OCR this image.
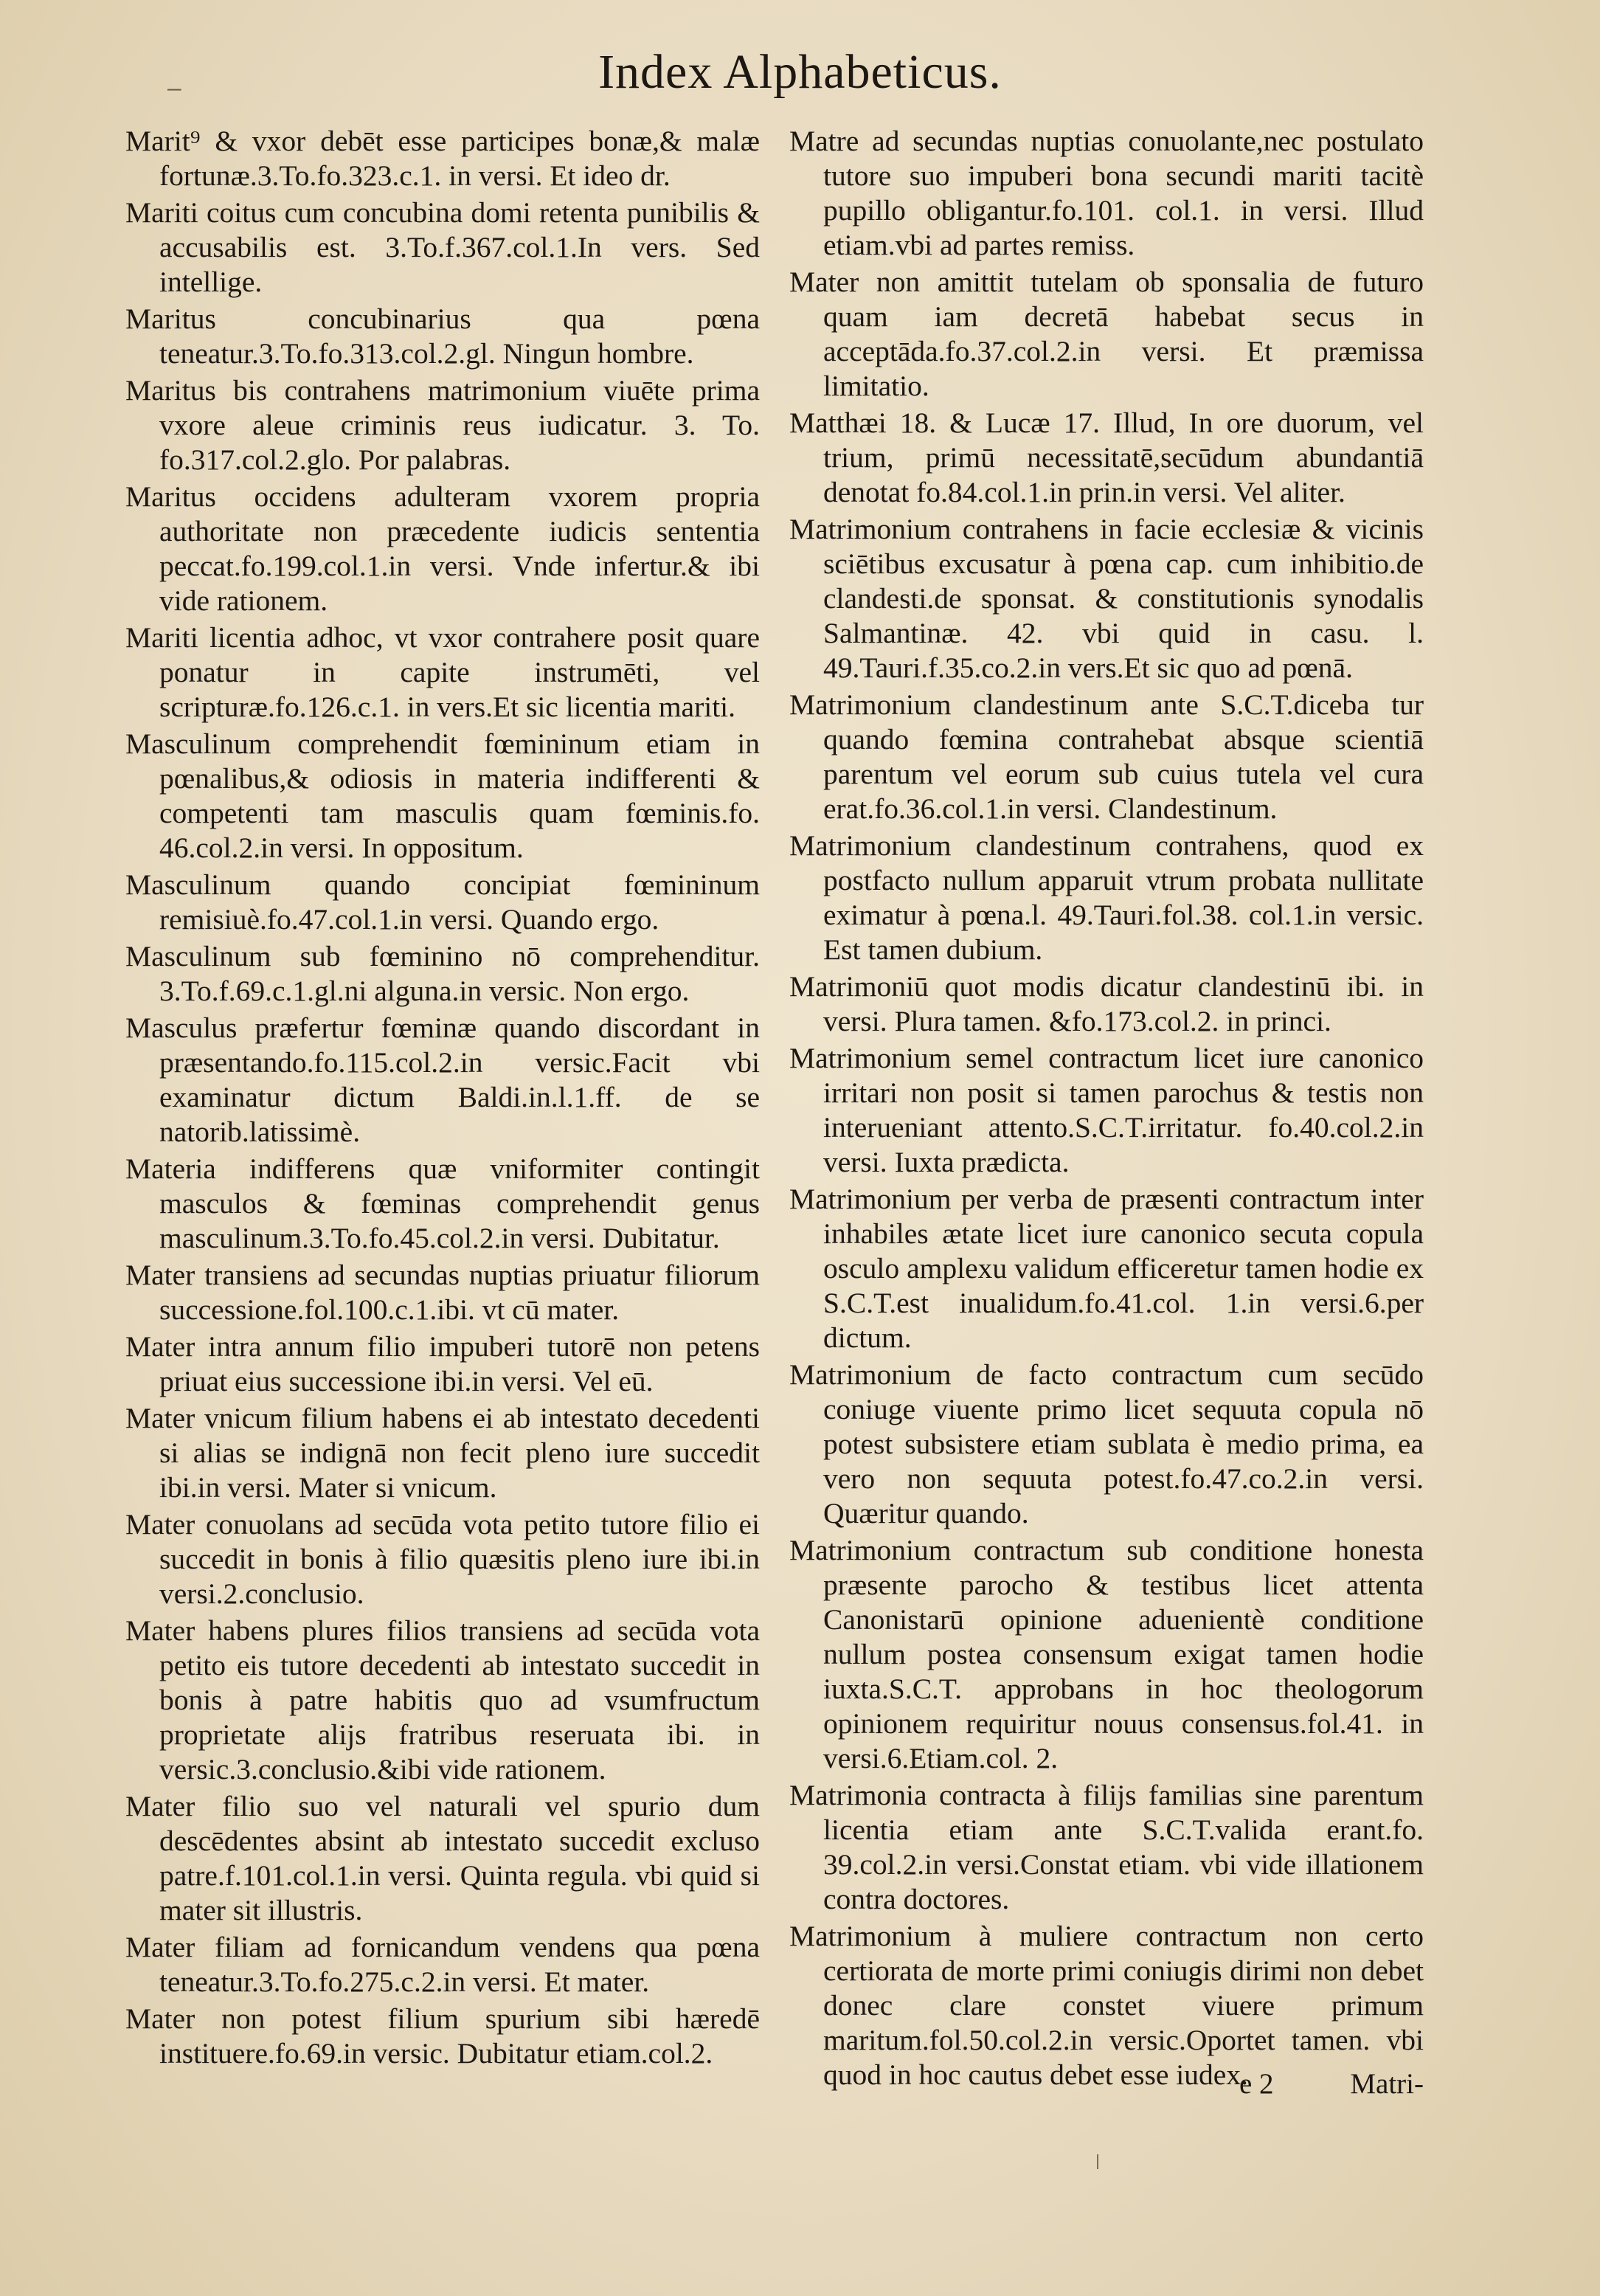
−	Index Alphabeticus.

Marit⁹ & vxor debēt esse participes bonæ,& malæ fortunæ.3.To.fo.323.c.1. in versi. Et ideo dr.

Mariti coitus cum concubina domi retenta punibilis & accusabilis est. 3.To.f.367.col.1.In vers. Sed intellige.

Maritus concubinarius qua pœna teneatur.3.To.fo.313.col.2.gl. Ningun hombre.

Maritus bis contrahens matrimonium viuēte prima vxore aleue criminis reus iudicatur. 3. To. fo.317.col.2.glo. Por palabras.

Maritus occidens adulteram vxorem propria authoritate non præcedente iudicis sententia peccat.fo.199.col.1.in versi. Vnde infertur.& ibi vide rationem.

Mariti licentia adhoc, vt vxor contrahere posit quare ponatur in capite instrumēti, vel scripturæ.fo.126.c.1. in vers.Et sic licentia mariti.

Masculinum comprehendit fœmininum etiam in pœnalibus,& odiosis in materia indifferenti & competenti tam masculis quam fœminis.fo. 46.col.2.in versi. In oppositum.

Masculinum quando concipiat fœmininum remisiuè.fo.47.col.1.in versi. Quando ergo.

Masculinum sub fœminino nō comprehenditur. 3.To.f.69.c.1.gl.ni alguna.in versic. Non ergo.

Masculus præfertur fœminæ quando discordant in præsentando.fo.115.col.2.in versic.Facit vbi examinatur dictum Baldi.in.l.1.ff. de se natorib.latissimè.

Materia indifferens quæ vniformiter contingit masculos & fœminas comprehendit genus masculinum.3.To.fo.45.col.2.in versi. Dubitatur.

Mater transiens ad secundas nuptias priuatur filiorum successione.fol.100.c.1.ibi. vt cū mater.

Mater intra annum filio impuberi tutorē non petens priuat eius successione ibi.in versi. Vel eū.

Mater vnicum filium habens ei ab intestato decedenti si alias se indignā non fecit pleno iure succedit ibi.in versi. Mater si vnicum.

Mater conuolans ad secūda vota petito tutore filio ei succedit in bonis à filio quæsitis pleno iure ibi.in versi.2.conclusio.

Mater habens plures filios transiens ad secūda vota petito eis tutore decedenti ab intestato succedit in bonis à patre habitis quo ad vsumfructum proprietate alijs fratribus reseruata ibi. in versic.3.conclusio.&ibi vide rationem.

Mater filio suo vel naturali vel spurio dum descēdentes absint ab intestato succedit excluso patre.f.101.col.1.in versi. Quinta regula. vbi quid si mater sit illustris.

Mater filiam ad fornicandum vendens qua pœna teneatur.3.To.fo.275.c.2.in versi. Et mater.

Mater non potest filium spurium sibi hæredē instituere.fo.69.in versic. Dubitatur etiam.col.2.

Matre ad secundas nuptias conuolante,nec postulato tutore suo impuberi bona secundi mariti tacitè pupillo obligantur.fo.101. col.1. in versi. Illud etiam.vbi ad partes remiss.

Mater non amittit tutelam ob sponsalia de futuro quam iam decretā habebat secus in acceptāda.fo.37.col.2.in versi. Et præmissa limitatio.

Matthæi 18. & Lucæ 17. Illud, In ore duorum, vel trium, primū necessitatē,secūdum abundantiā denotat fo.84.col.1.in prin.in versi. Vel aliter.

Matrimonium contrahens in facie ecclesiæ & vicinis sciētibus excusatur à pœna cap. cum inhibitio.de clandesti.de sponsat. & constitutionis synodalis Salmantinæ. 42. vbi quid in casu. l. 49.Tauri.f.35.co.2.in vers.Et sic quo ad pœnā.

Matrimonium clandestinum ante S.C.T.diceba tur quando fœmina contrahebat absque scientiā parentum vel eorum sub cuius tutela vel cura erat.fo.36.col.1.in versi. Clandestinum.

Matrimonium clandestinum contrahens, quod ex postfacto nullum apparuit vtrum probata nullitate eximatur à pœna.l. 49.Tauri.fol.38. col.1.in versic. Est tamen dubium.

Matrimoniū quot modis dicatur clandestinū ibi. in versi. Plura tamen. &fo.173.col.2. in princi.

Matrimonium semel contractum licet iure canonico irritari non posit si tamen parochus & testis non interueniant attento.S.C.T.irritatur. fo.40.col.2.in versi. Iuxta prædicta.

Matrimonium per verba de præsenti contractum inter inhabiles ætate licet iure canonico secuta copula osculo amplexu validum efficeretur tamen hodie ex S.C.T.est inualidum.fo.41.col. 1.in versi.6.per dictum.

Matrimonium de facto contractum cum secūdo coniuge viuente primo licet sequuta copula nō potest subsistere etiam sublata è medio prima, ea vero non sequuta potest.fo.47.co.2.in versi. Quæritur quando.

Matrimonium contractum sub conditione honesta præsente parocho & testibus licet attenta Canonistarū opinione aduenientè conditione nullum postea consensum exigat tamen hodie iuxta.S.C.T. approbans in hoc theologorum opinionem requiritur nouus consensus.fol.41. in versi.6.Etiam.col. 2.

Matrimonia contracta à filijs familias sine parentum licentia etiam ante S.C.T.valida erant.fo. 39.col.2.in versi.Constat etiam. vbi vide illationem contra doctores.

Matrimonium à muliere contractum non certo certiorata de morte primi coniugis dirimi non debet donec clare constet viuere primum maritum.fol.50.col.2.in versic.Oportet tamen. vbi quod in hoc cautus debet esse iudex.

e 2	Matri-
